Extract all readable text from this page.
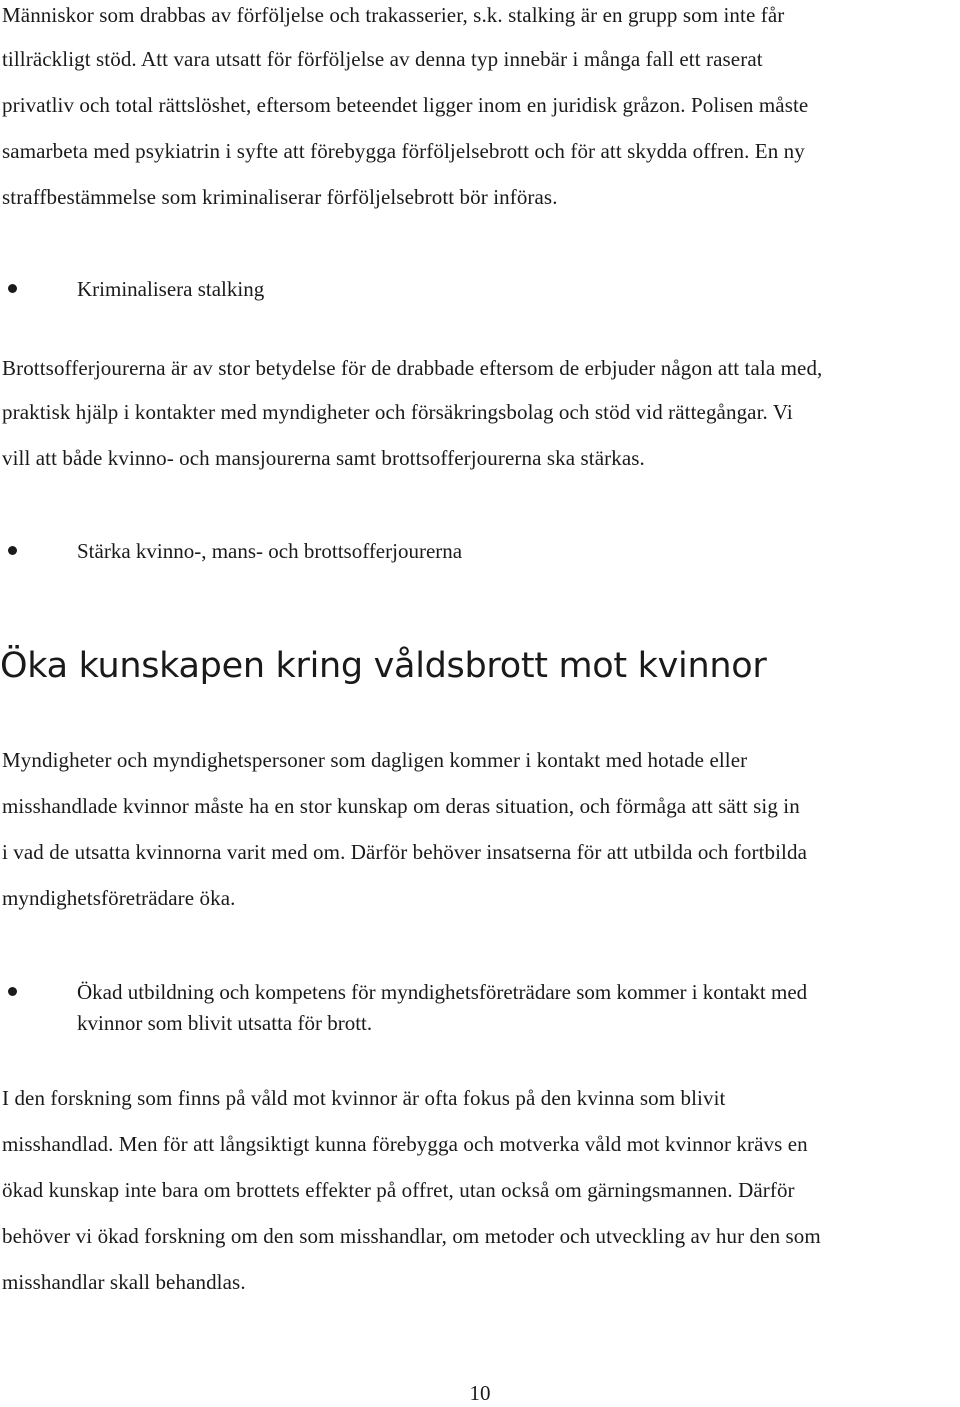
Människor som drabbas av förföljelse och trakasserier, s.k. stalking är en grupp som inte får
tillräckligt stöd. Att vara utsatt för förföljelse av denna typ innebär i många fall ett raserat
privatliv och total rättslöshet, eftersom beteendet ligger inom en juridisk gråzon. Polisen måste
samarbeta med psykiatrin i syfte att förebygga förföljelsebrott och för att skydda offren. En ny
straffbestämmelse som kriminaliserar förföljelsebrott bör införas.
Kriminalisera stalking
Brottsofferjourerna är av stor betydelse för de drabbade eftersom de erbjuder någon att tala med,
praktisk hjälp i kontakter med myndigheter och försäkringsbolag och stöd vid rättegångar. Vi
vill att både kvinno- och mansjourerna samt brottsofferjourerna ska stärkas.
Stärka kvinno-, mans- och brottsofferjourerna
Öka kunskapen kring våldsbrott mot kvinnor
Myndigheter och myndighetspersoner som dagligen kommer i kontakt med hotade eller
misshandlade kvinnor måste ha en stor kunskap om deras situation, och förmåga att sätt sig in
i vad de utsatta kvinnorna varit med om. Därför behöver insatserna för att utbilda och fortbilda
myndighetsföreträdare öka.
Ökad utbildning och kompetens för myndighetsföreträdare som kommer i kontakt med
kvinnor som blivit utsatta för brott.
I den forskning som finns på våld mot kvinnor är ofta fokus på den kvinna som blivit
misshandlad. Men för att långsiktigt kunna förebygga och motverka våld mot kvinnor krävs en
ökad kunskap inte bara om brottets effekter på offret, utan också om gärningsmannen. Därför
behöver vi ökad forskning om den som misshandlar, om metoder och utveckling av hur den som
misshandlar skall behandlas.
10
